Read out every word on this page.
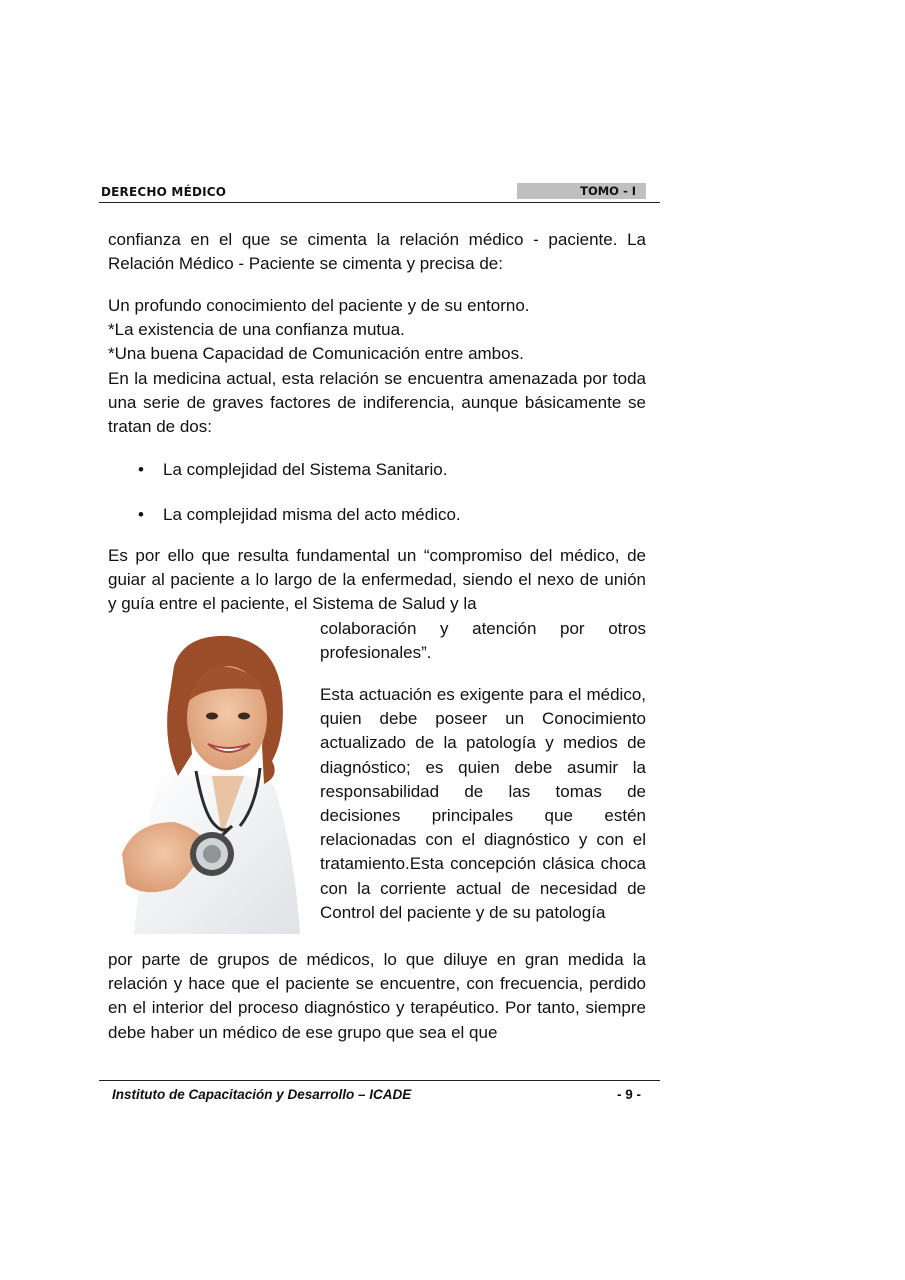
DERECHO MÉDICO	TOMO - I
confianza en el que se cimenta la relación médico - paciente. La Relación Médico - Paciente se cimenta y precisa de:
Un profundo conocimiento del paciente y de su entorno.
*La existencia de una confianza mutua.
*Una buena Capacidad de Comunicación entre ambos.
En la medicina actual, esta relación se encuentra amenazada por toda una serie de graves factores de indiferencia, aunque básicamente se tratan de dos:
• La complejidad del Sistema Sanitario.
• La complejidad misma del acto médico.
Es por ello que resulta fundamental un “compromiso del médico, de guiar al paciente a lo largo de la enfermedad, siendo el nexo de unión y guía entre el paciente, el Sistema de Salud y la
colaboración y atención por otros profesionales”.
Esta actuación es exigente para el médico, quien debe poseer un Conocimiento actualizado de la patología y medios de diagnóstico; es quien debe asumir la responsabilidad de las tomas de decisiones principales que estén relacionadas con el diagnóstico y con el tratamiento.Esta concepción clásica choca con la corriente actual de necesidad de Control del paciente y de su patología
por parte de grupos de médicos, lo que diluye en gran medida la relación y hace que el paciente se encuentre, con frecuencia, perdido en el interior del proceso diagnóstico y terapéutico. Por tanto, siempre debe haber un médico de ese grupo que sea el que
Instituto de Capacitación y Desarrollo – ICADE	- 9 -
